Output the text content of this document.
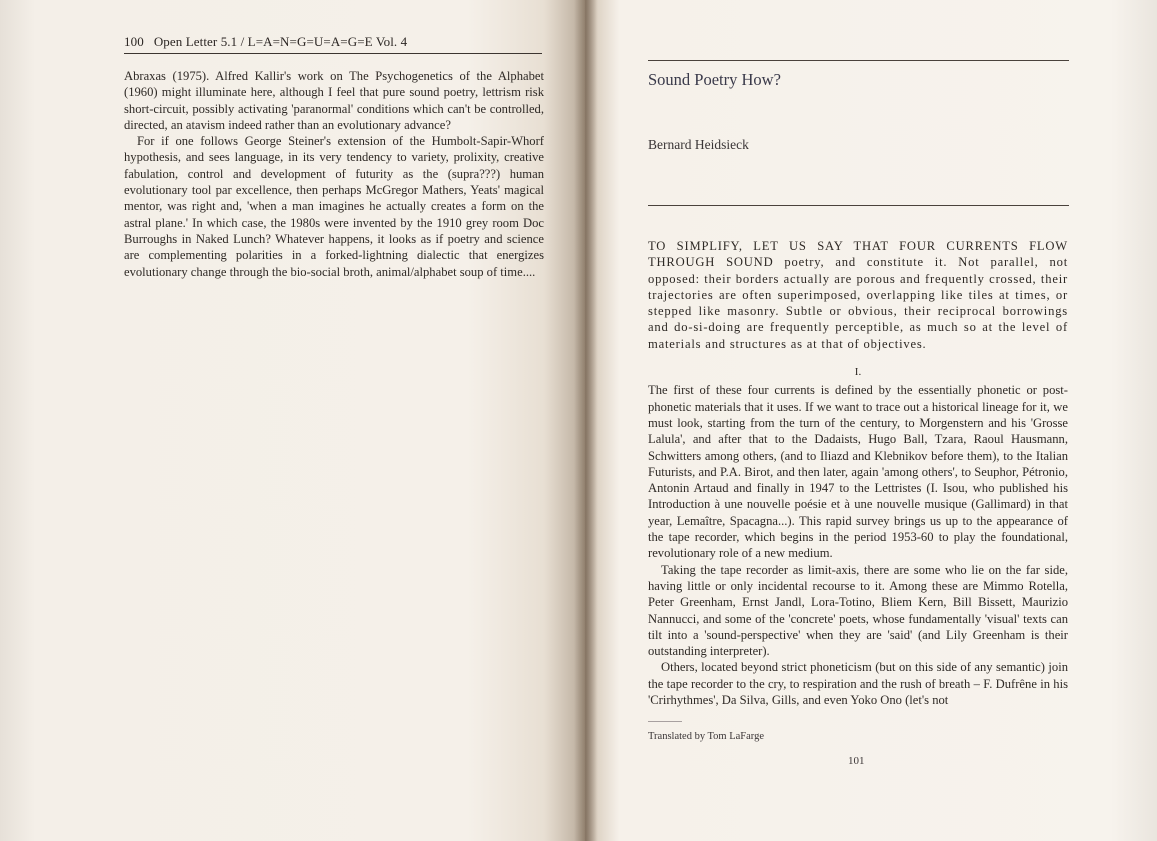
100 Open Letter 5.1 / L=A=N=G=U=A=G=E Vol. 4

Abraxas (1975). Alfred Kallir's work on The Psychogenetics of the Alphabet (1960) might illuminate here, although I feel that pure sound poetry, lettrism risk short-circuit, possibly activating 'paranormal' conditions which can't be controlled, directed, an atavism indeed rather than an evolutionary advance?

For if one follows George Steiner's extension of the Humbolt-Sapir-Whorf hypothesis, and sees language, in its very tendency to variety, prolixity, creative fabulation, control and development of futurity as the (supra???) human evolutionary tool par excellence, then perhaps McGregor Mathers, Yeats' magical mentor, was right and, 'when a man imagines he actually creates a form on the astral plane.' In which case, the 1980s were invented by the 1910 grey room Doc Burroughs in Naked Lunch? Whatever happens, it looks as if poetry and science are complementing polarities in a forked-lightning dialectic that energizes evolutionary change through the bio-social broth, animal/alphabet soup of time....

Sound Poetry How?
Bernard Heidsieck

TO SIMPLIFY, LET US SAY THAT FOUR CURRENTS FLOW THROUGH SOUND poetry, and constitute it. Not parallel, not opposed: their borders actually are porous and frequently crossed, their trajectories are often superimposed, overlapping like tiles at times, or stepped like masonry. Subtle or obvious, their reciprocal borrowings and do-si-doing are frequently perceptible, as much so at the level of materials and structures as at that of objectives.

I.

The first of these four currents is defined by the essentially phonetic or post-phonetic materials that it uses. If we want to trace out a historical lineage for it, we must look, starting from the turn of the century, to Morgenstern and his 'Grosse Lalula', and after that to the Dadaists, Hugo Ball, Tzara, Raoul Hausmann, Schwitters among others, (and to Iliazd and Klebnikov before them), to the Italian Futurists, and P.A. Birot, and then later, again 'among others', to Seuphor, Pétronio, Antonin Artaud and finally in 1947 to the Lettristes (I. Isou, who published his Introduction à une nouvelle poésie et à une nouvelle musique (Gallimard) in that year, Lemaître, Spacagna...). This rapid survey brings us up to the appearance of the tape recorder, which begins in the period 1953-60 to play the foundational, revolutionary role of a new medium.

Taking the tape recorder as limit-axis, there are some who lie on the far side, having little or only incidental recourse to it. Among these are Mimmo Rotella, Peter Greenham, Ernst Jandl, Lora-Totino, Bliem Kern, Bill Bissett, Maurizio Nannucci, and some of the 'concrete' poets, whose fundamentally 'visual' texts can tilt into a 'sound-perspective' when they are 'said' (and Lily Greenham is their outstanding interpreter).

Others, located beyond strict phoneticism (but on this side of any semantic) join the tape recorder to the cry, to respiration and the rush of breath – F. Dufrêne in his 'Crirhythmes', Da Silva, Gills, and even Yoko Ono (let's not

Translated by Tom LaFarge
101
